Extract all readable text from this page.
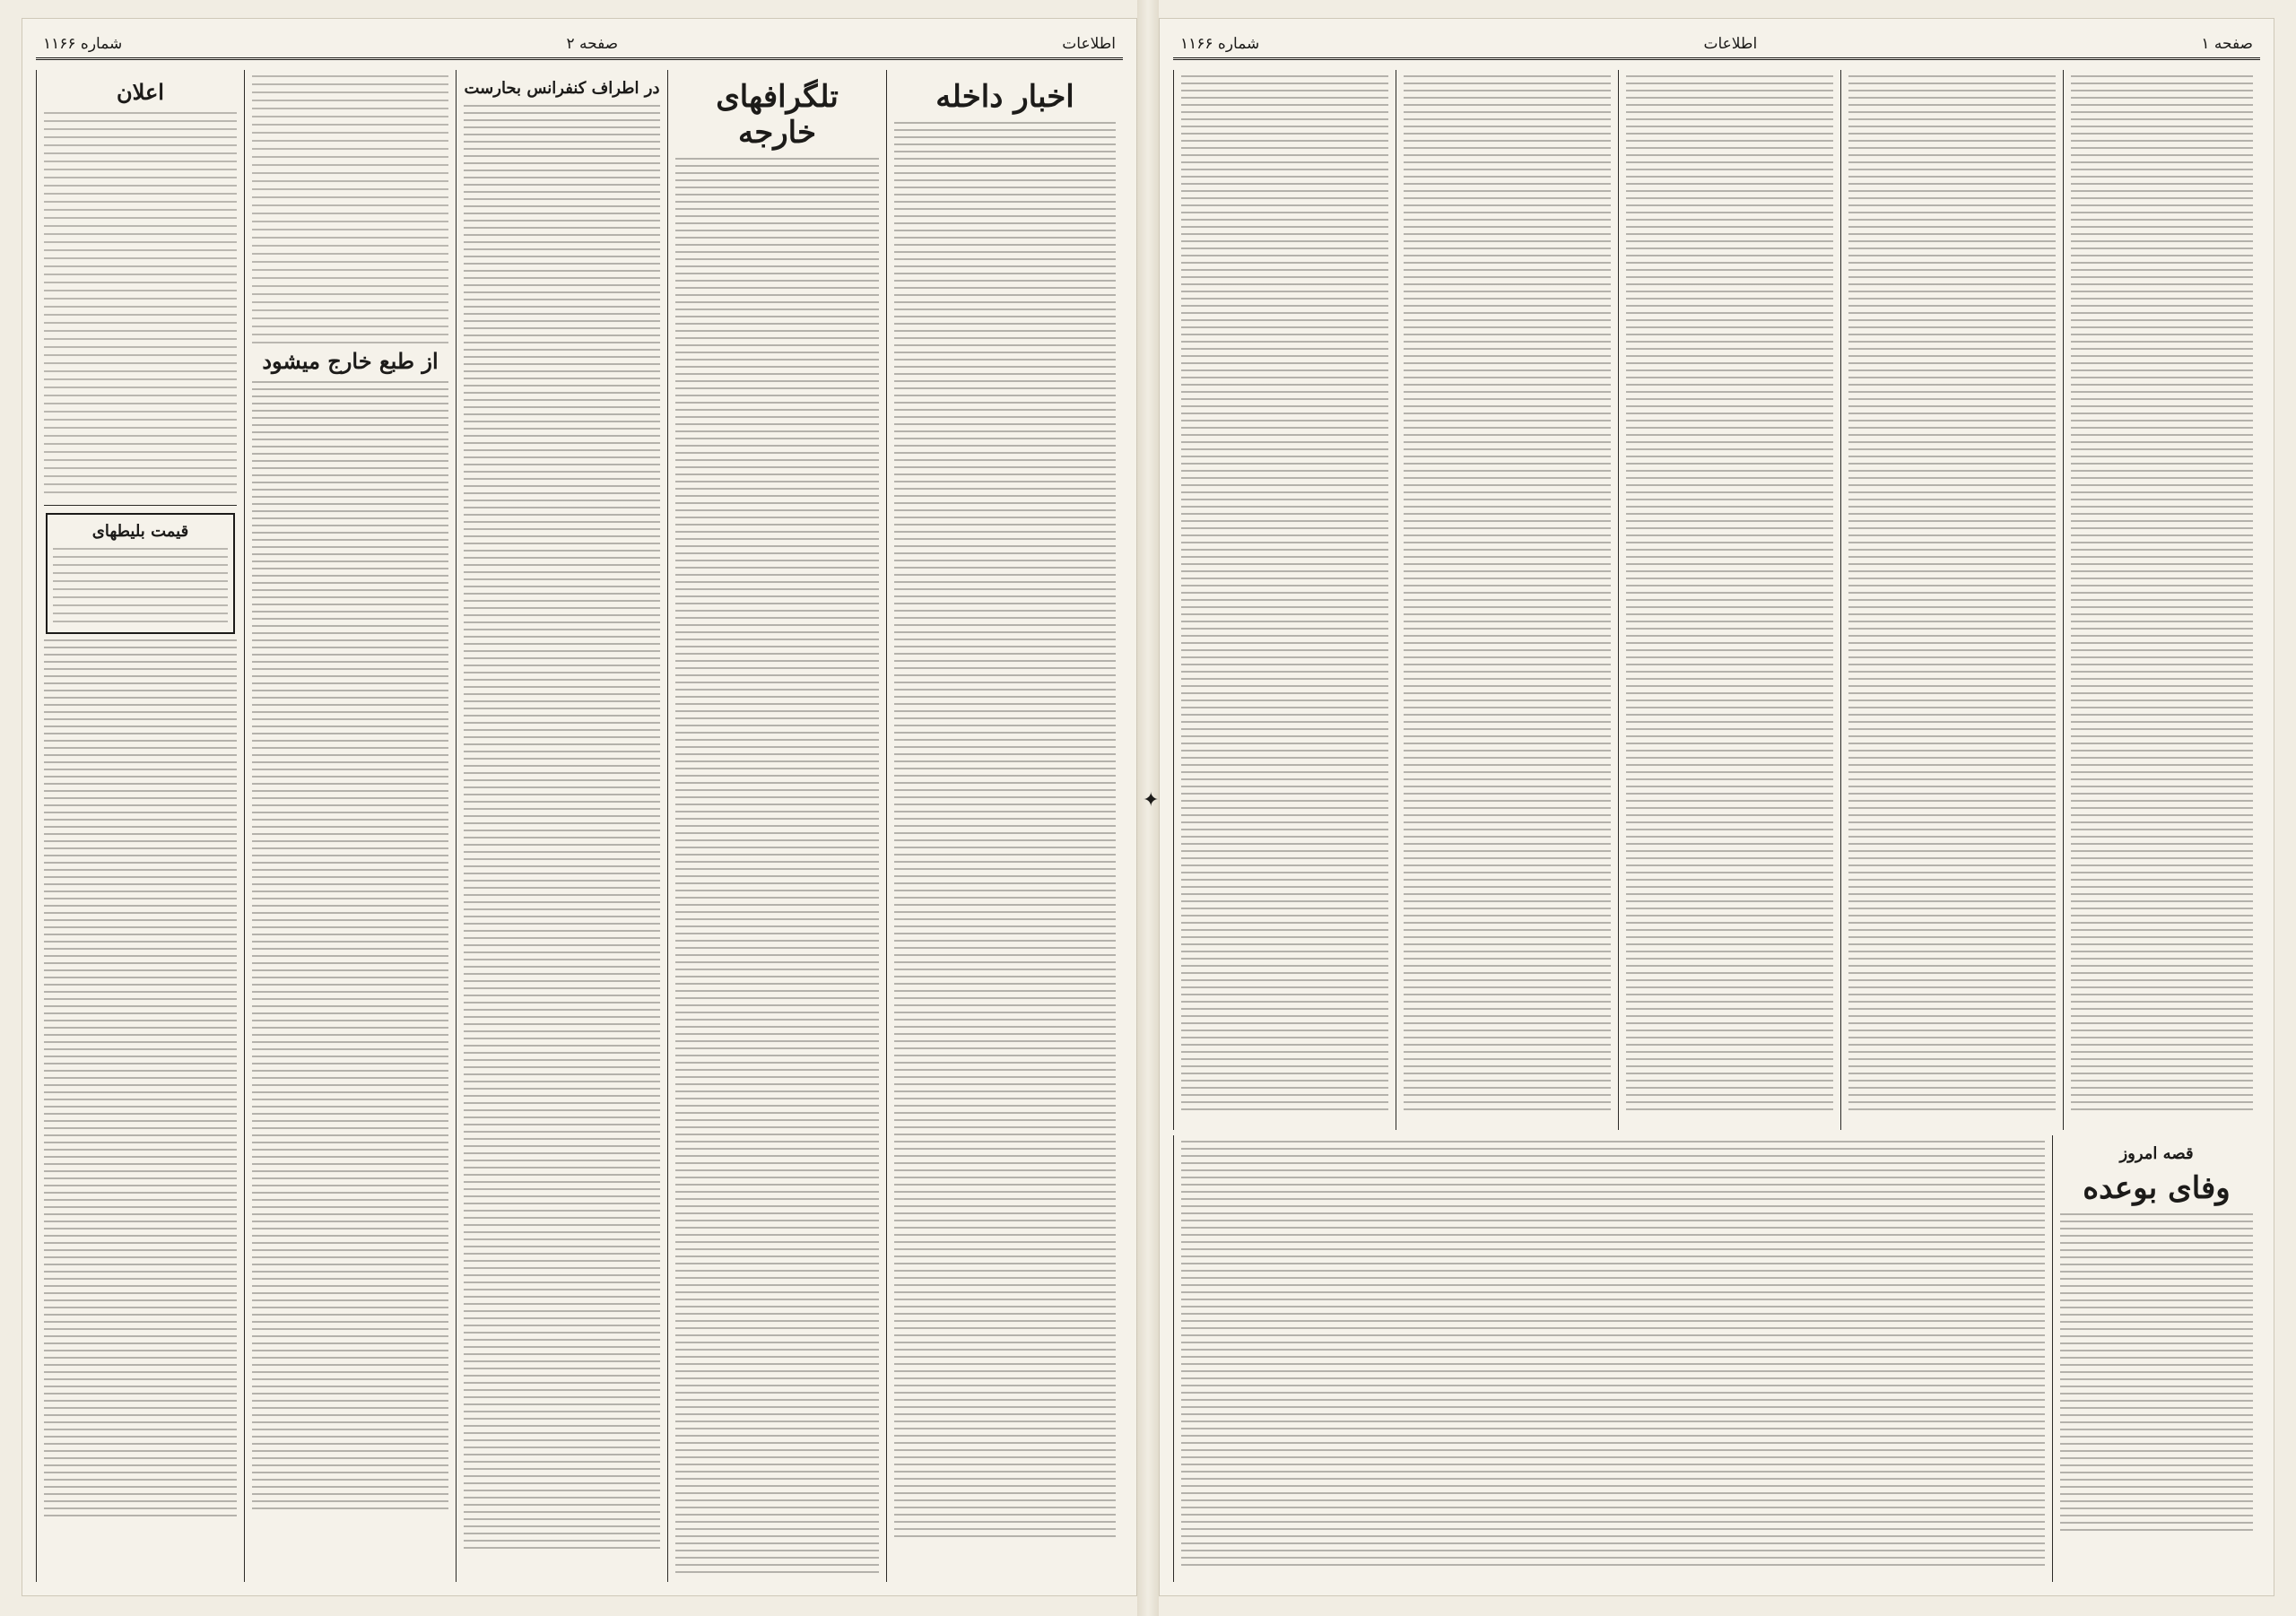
✦
شماره ۱۱۶۶	صفحه ۲	اطلاعات
اعلان
قیمت بلیطهای
از طبع خارج میشود
در اطراف کنفرانس بحارست	تلگرافهای خارجه
اخبار داخله
شماره ۱۱۶۶	اطلاعات	صفحه ۱
قصه امروز
وفای بوعده
